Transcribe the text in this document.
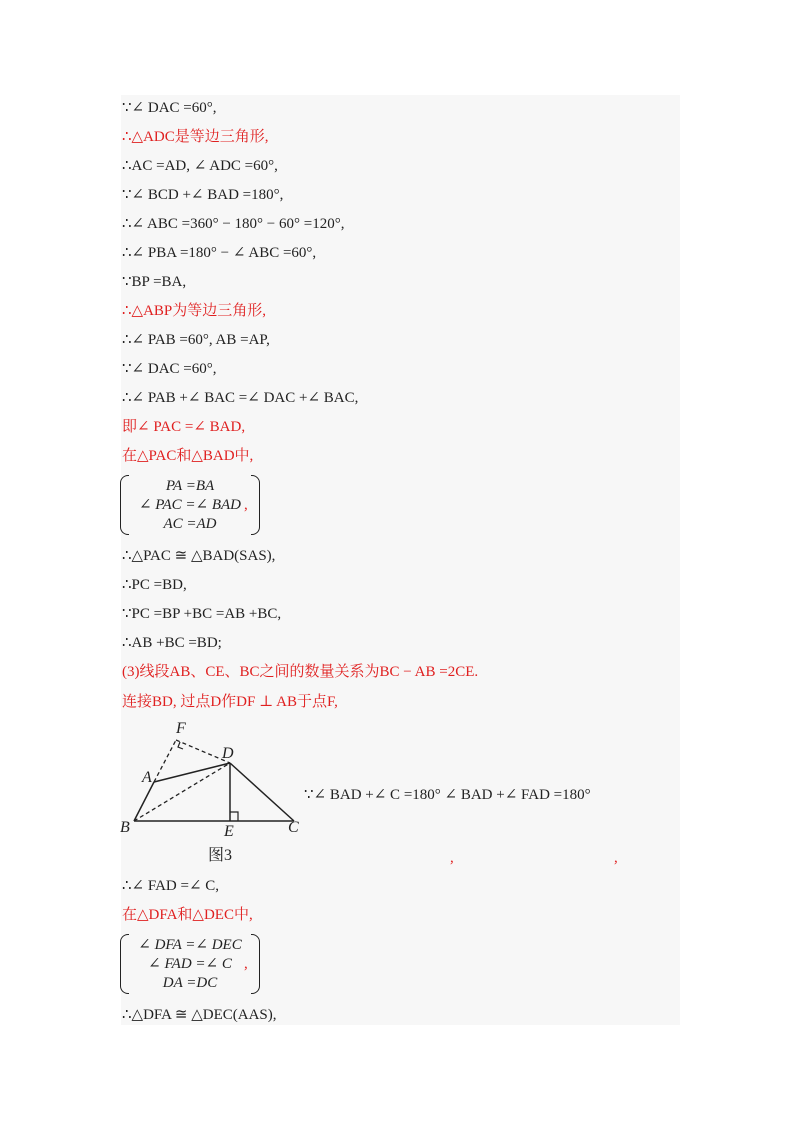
∵∠ DAC =60°,
∴△ADC是等边三角形,
∴AC =AD, ∠ ADC =60°,
∵∠ BCD +∠ BAD =180°,
∴∠ ABC =360° − 180° − 60° =120°,
∴∠ PBA =180° − ∠ ABC =60°,
∵BP =BA,
∴△ABP为等边三角形,
∴∠ PAB =60°, AB =AP,
∵∠ DAC =60°,
∴∠ PAB +∠ BAC =∠ DAC +∠ BAC,
即∠ PAC =∠ BAD,
在△PAC和△BAD中,
PA =BA
∠ PAC =∠ BAD
AC =AD
,
∴△PAC ≅ △BAD(SAS),
∴PC =BD,
∵PC =BP +BC =AB +BC,
∴AB +BC =BD;
(3)线段AB、CE、BC之间的数量关系为BC − AB =2CE.
连接BD, 过点D作DF ⊥ AB于点F,
F
D
A
B	E	C
图3
∵∠ BAD +∠ C =180° ∠ BAD +∠ FAD =180°
,	,
∴∠ FAD =∠ C,
在△DFA和△DEC中,
∠ DFA =∠ DEC
∠ FAD =∠ C
DA =DC
,
∴△DFA ≅ △DEC(AAS),
